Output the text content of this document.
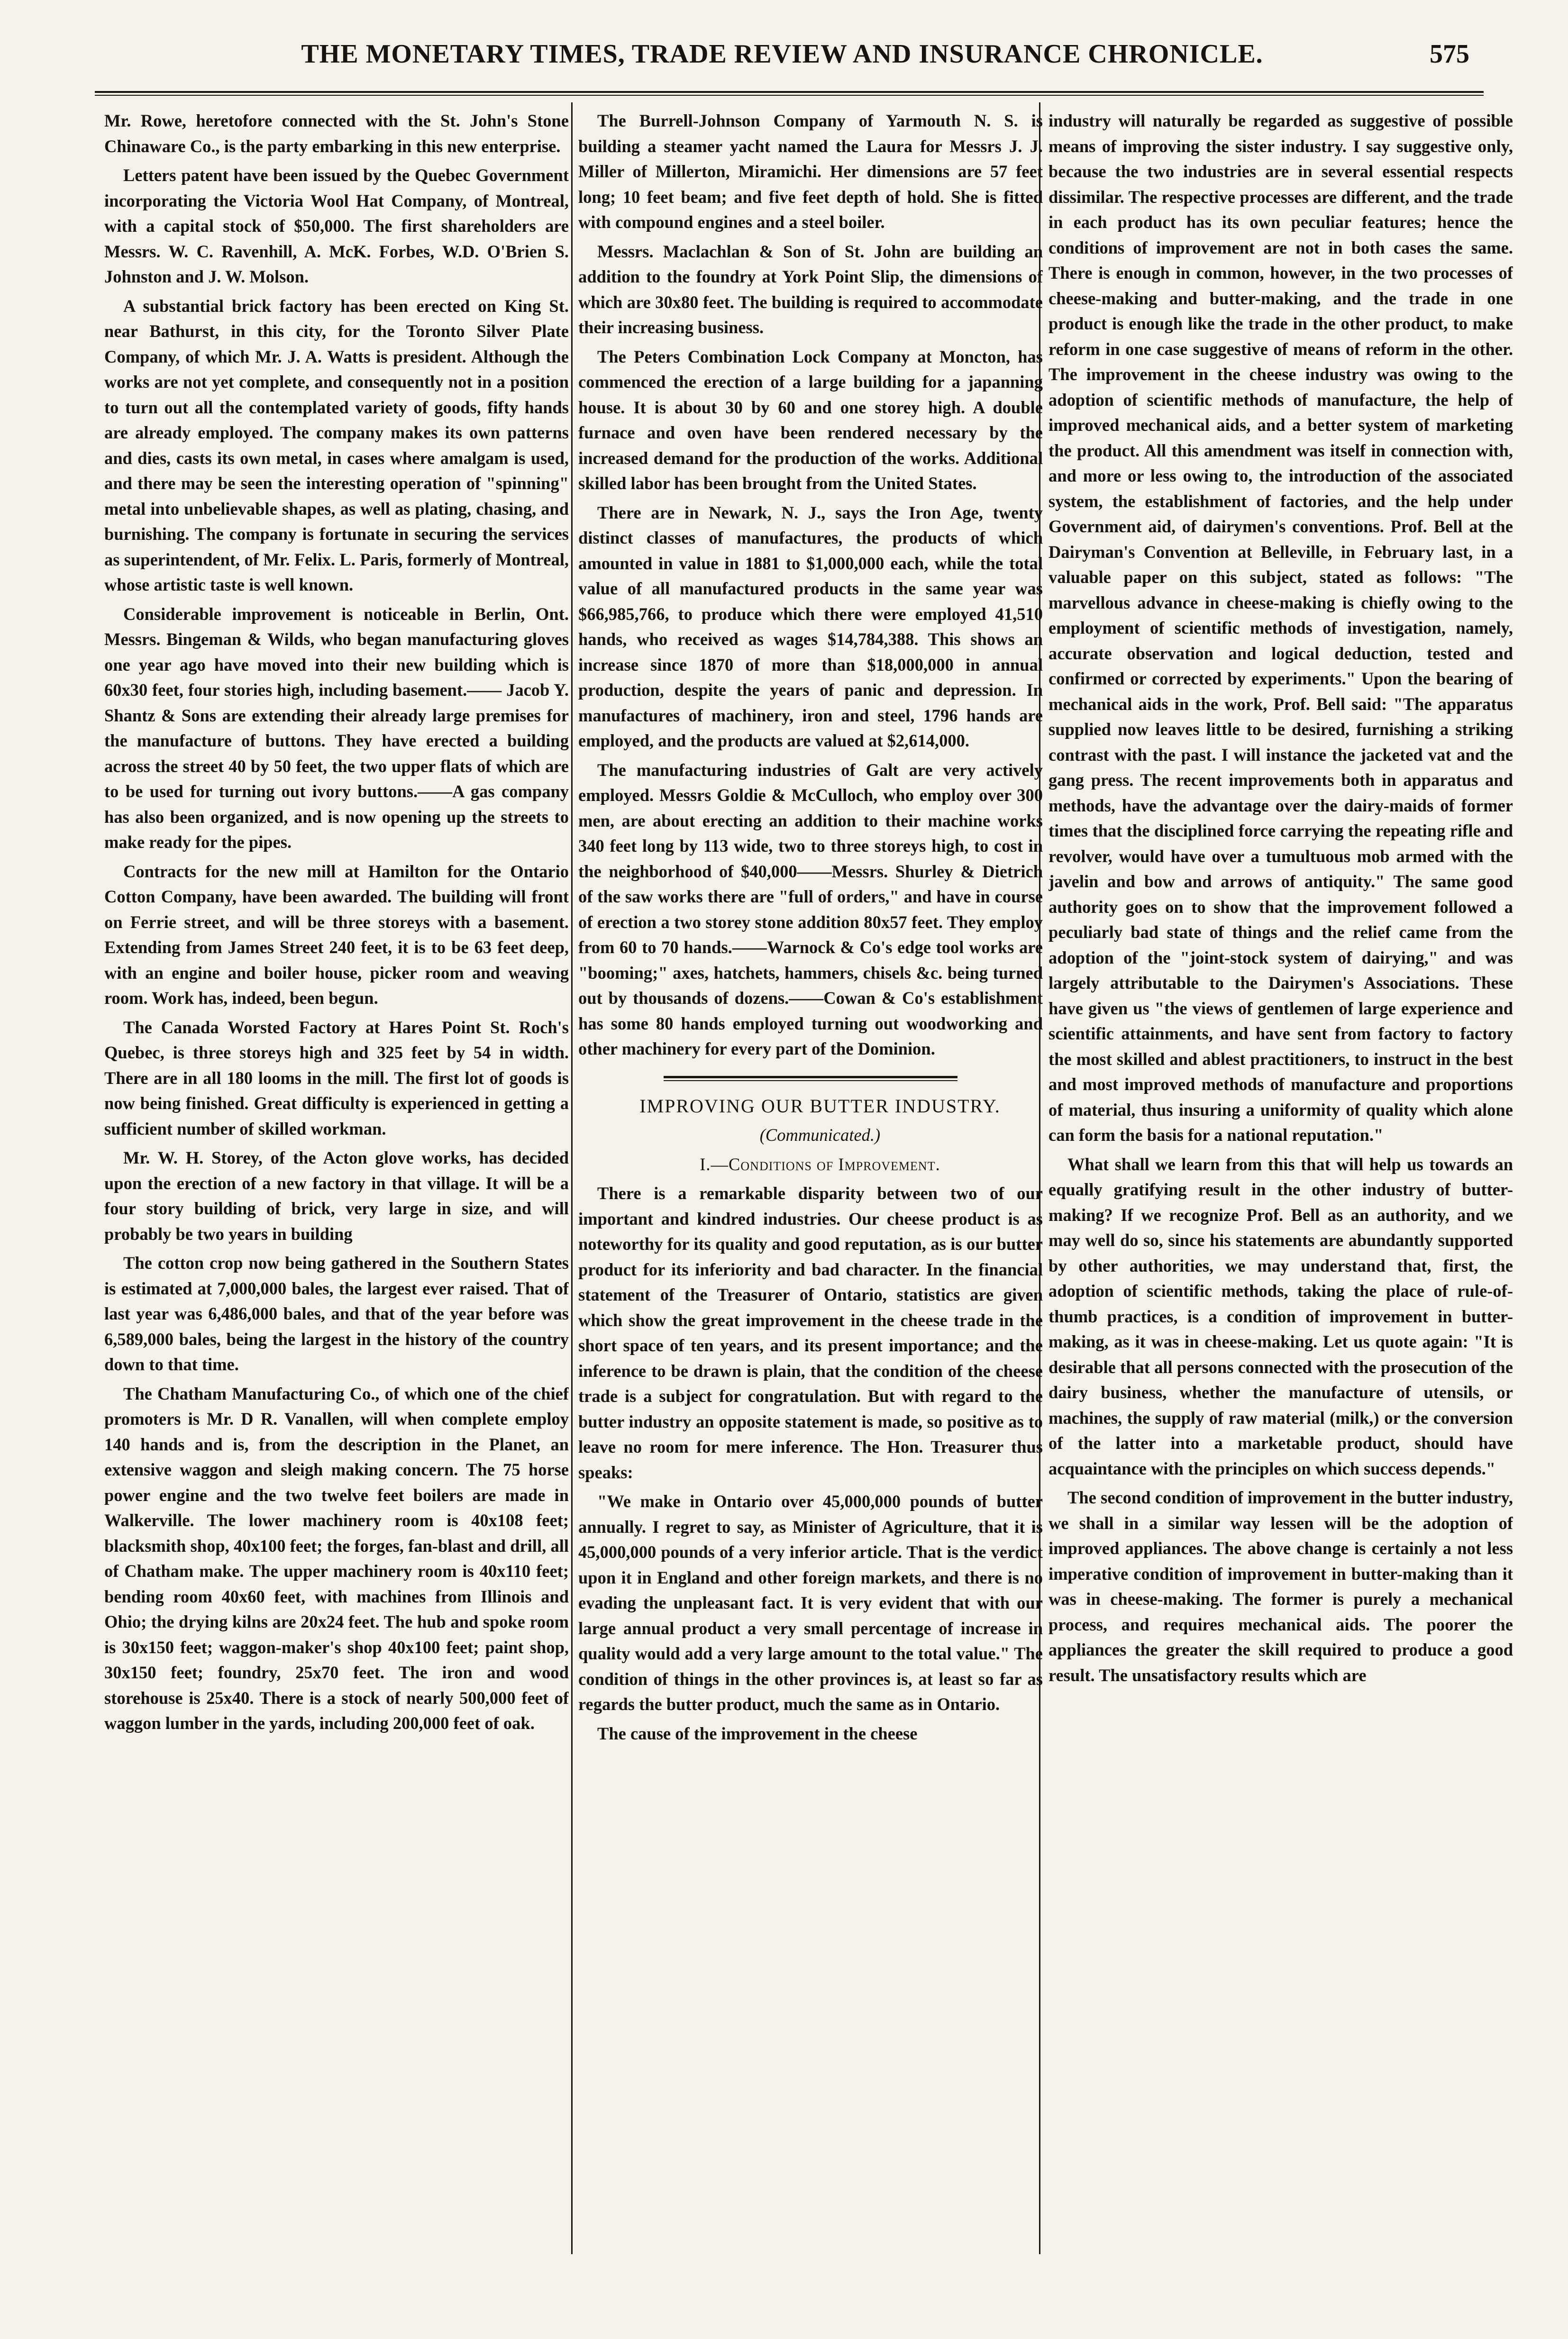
THE MONETARY TIMES, TRADE REVIEW AND INSURANCE CHRONICLE.	575

Mr. Rowe, heretofore connected with the St. John's Stone Chinaware Co., is the party embarking in this new enterprise.

Letters patent have been issued by the Quebec Government incorporating the Victoria Wool Hat Company, of Montreal, with a capital stock of $50,000. The first shareholders are Messrs. W. C. Ravenhill, A. McK. Forbes, W.D. O'Brien S. Johnston and J. W. Molson.

A substantial brick factory has been erected on King St. near Bathurst, in this city, for the Toronto Silver Plate Company, of which Mr. J. A. Watts is president. Although the works are not yet complete, and consequently not in a position to turn out all the contemplated variety of goods, fifty hands are already employed. The company makes its own patterns and dies, casts its own metal, in cases where amalgam is used, and there may be seen the interesting operation of "spinning" metal into unbelievable shapes, as well as plating, chasing, and burnishing. The company is fortunate in securing the services as superintendent, of Mr. Felix. L. Paris, formerly of Montreal, whose artistic taste is well known.

Considerable improvement is noticeable in Berlin, Ont. Messrs. Bingeman & Wilds, who began manufacturing gloves one year ago have moved into their new building which is 60x30 feet, four stories high, including basement.—— Jacob Y. Shantz & Sons are extending their already large premises for the manufacture of buttons. They have erected a building across the street 40 by 50 feet, the two upper flats of which are to be used for turning out ivory buttons.——A gas company has also been organized, and is now opening up the streets to make ready for the pipes.

Contracts for the new mill at Hamilton for the Ontario Cotton Company, have been awarded. The building will front on Ferrie street, and will be three storeys with a basement. Extending from James Street 240 feet, it is to be 63 feet deep, with an engine and boiler house, picker room and weaving room. Work has, indeed, been begun.

The Canada Worsted Factory at Hares Point St. Roch's Quebec, is three storeys high and 325 feet by 54 in width. There are in all 180 looms in the mill. The first lot of goods is now being finished. Great difficulty is experienced in getting a sufficient number of skilled workman.

Mr. W. H. Storey, of the Acton glove works, has decided upon the erection of a new factory in that village. It will be a four story building of brick, very large in size, and will probably be two years in building

The cotton crop now being gathered in the Southern States is estimated at 7,000,000 bales, the largest ever raised. That of last year was 6,486,000 bales, and that of the year before was 6,589,000 bales, being the largest in the history of the country down to that time.

The Chatham Manufacturing Co., of which one of the chief promoters is Mr. D R. Vanallen, will when complete employ 140 hands and is, from the description in the Planet, an extensive waggon and sleigh making concern. The 75 horse power engine and the two twelve feet boilers are made in Walkerville. The lower machinery room is 40x108 feet; blacksmith shop, 40x100 feet; the forges, fan-blast and drill, all of Chatham make. The upper machinery room is 40x110 feet; bending room 40x60 feet, with machines from Illinois and Ohio; the drying kilns are 20x24 feet. The hub and spoke room is 30x150 feet; waggon-maker's shop 40x100 feet; paint shop, 30x150 feet; foundry, 25x70 feet. The iron and wood storehouse is 25x40. There is a stock of nearly 500,000 feet of waggon lumber in the yards, including 200,000 feet of oak.

The Burrell-Johnson Company of Yarmouth N. S. is building a steamer yacht named the Laura for Messrs J. J. Miller of Millerton, Miramichi. Her dimensions are 57 feet long; 10 feet beam; and five feet depth of hold. She is fitted with compound engines and a steel boiler.

Messrs. Maclachlan & Son of St. John are building an addition to the foundry at York Point Slip, the dimensions of which are 30x80 feet. The building is required to accommodate their increasing business.

The Peters Combination Lock Company at Moncton, has commenced the erection of a large building for a japanning house. It is about 30 by 60 and one storey high. A double furnace and oven have been rendered necessary by the increased demand for the production of the works. Additional skilled labor has been brought from the United States.

There are in Newark, N. J., says the Iron Age, twenty distinct classes of manufactures, the products of which amounted in value in 1881 to $1,000,000 each, while the total value of all manufactured products in the same year was $66,985,766, to produce which there were employed 41,510 hands, who received as wages $14,784,388. This shows an increase since 1870 of more than $18,000,000 in annual production, despite the years of panic and depression. In manufactures of machinery, iron and steel, 1796 hands are employed, and the products are valued at $2,614,000.

The manufacturing industries of Galt are very actively employed. Messrs Goldie & McCulloch, who employ over 300 men, are about erecting an addition to their machine works 340 feet long by 113 wide, two to three storeys high, to cost in the neighborhood of $40,000——Messrs. Shurley & Dietrich of the saw works there are "full of orders," and have in course of erection a two storey stone addition 80x57 feet. They employ from 60 to 70 hands.——Warnock & Co's edge tool works are "booming;" axes, hatchets, hammers, chisels &c. being turned out by thousands of dozens.——Cowan & Co's establishment has some 80 hands employed turning out woodworking and other machinery for every part of the Dominion.

IMPROVING OUR BUTTER INDUSTRY.

(Communicated.)

I.—Conditions of Improvement.

There is a remarkable disparity between two of our important and kindred industries. Our cheese product is as noteworthy for its quality and good reputation, as is our butter product for its inferiority and bad character. In the financial statement of the Treasurer of Ontario, statistics are given which show the great improvement in the cheese trade in the short space of ten years, and its present importance; and the inference to be drawn is plain, that the condition of the cheese trade is a subject for congratulation. But with regard to the butter industry an opposite statement is made, so positive as to leave no room for mere inference. The Hon. Treasurer thus speaks:

"We make in Ontario over 45,000,000 pounds of butter annually. I regret to say, as Minister of Agriculture, that it is 45,000,000 pounds of a very inferior article. That is the verdict upon it in England and other foreign markets, and there is no evading the unpleasant fact. It is very evident that with our large annual product a very small percentage of increase in quality would add a very large amount to the total value." The condition of things in the other provinces is, at least so far as regards the butter product, much the same as in Ontario.

The cause of the improvement in the cheese

industry will naturally be regarded as suggestive of possible means of improving the sister industry. I say suggestive only, because the two industries are in several essential respects dissimilar. The respective processes are different, and the trade in each product has its own peculiar features; hence the conditions of improvement are not in both cases the same. There is enough in common, however, in the two processes of cheese-making and butter-making, and the trade in one product is enough like the trade in the other product, to make reform in one case suggestive of means of reform in the other. The improvement in the cheese industry was owing to the adoption of scientific methods of manufacture, the help of improved mechanical aids, and a better system of marketing the product. All this amendment was itself in connection with, and more or less owing to, the introduction of the associated system, the establishment of factories, and the help under Government aid, of dairymen's conventions. Prof. Bell at the Dairyman's Convention at Belleville, in February last, in a valuable paper on this subject, stated as follows: "The marvellous advance in cheese-making is chiefly owing to the employment of scientific methods of investigation, namely, accurate observation and logical deduction, tested and confirmed or corrected by experiments." Upon the bearing of mechanical aids in the work, Prof. Bell said: "The apparatus supplied now leaves little to be desired, furnishing a striking contrast with the past. I will instance the jacketed vat and the gang press. The recent improvements both in apparatus and methods, have the advantage over the dairy-maids of former times that the disciplined force carrying the repeating rifle and revolver, would have over a tumultuous mob armed with the javelin and bow and arrows of antiquity." The same good authority goes on to show that the improvement followed a peculiarly bad state of things and the relief came from the adoption of the "joint-stock system of dairying," and was largely attributable to the Dairymen's Associations. These have given us "the views of gentlemen of large experience and scientific attainments, and have sent from factory to factory the most skilled and ablest practitioners, to instruct in the best and most improved methods of manufacture and proportions of material, thus insuring a uniformity of quality which alone can form the basis for a national reputation."

What shall we learn from this that will help us towards an equally gratifying result in the other industry of butter-making? If we recognize Prof. Bell as an authority, and we may well do so, since his statements are abundantly supported by other authorities, we may understand that, first, the adoption of scientific methods, taking the place of rule-of-thumb practices, is a condition of improvement in butter-making, as it was in cheese-making. Let us quote again: "It is desirable that all persons connected with the prosecution of the dairy business, whether the manufacture of utensils, or machines, the supply of raw material (milk,) or the conversion of the latter into a marketable product, should have acquaintance with the principles on which success depends."

The second condition of improvement in the butter industry, we shall in a similar way lessen will be the adoption of improved appliances. The above change is certainly a not less imperative condition of improvement in butter-making than it was in cheese-making. The former is purely a mechanical process, and requires mechanical aids. The poorer the appliances the greater the skill required to produce a good result. The unsatisfactory results which are
